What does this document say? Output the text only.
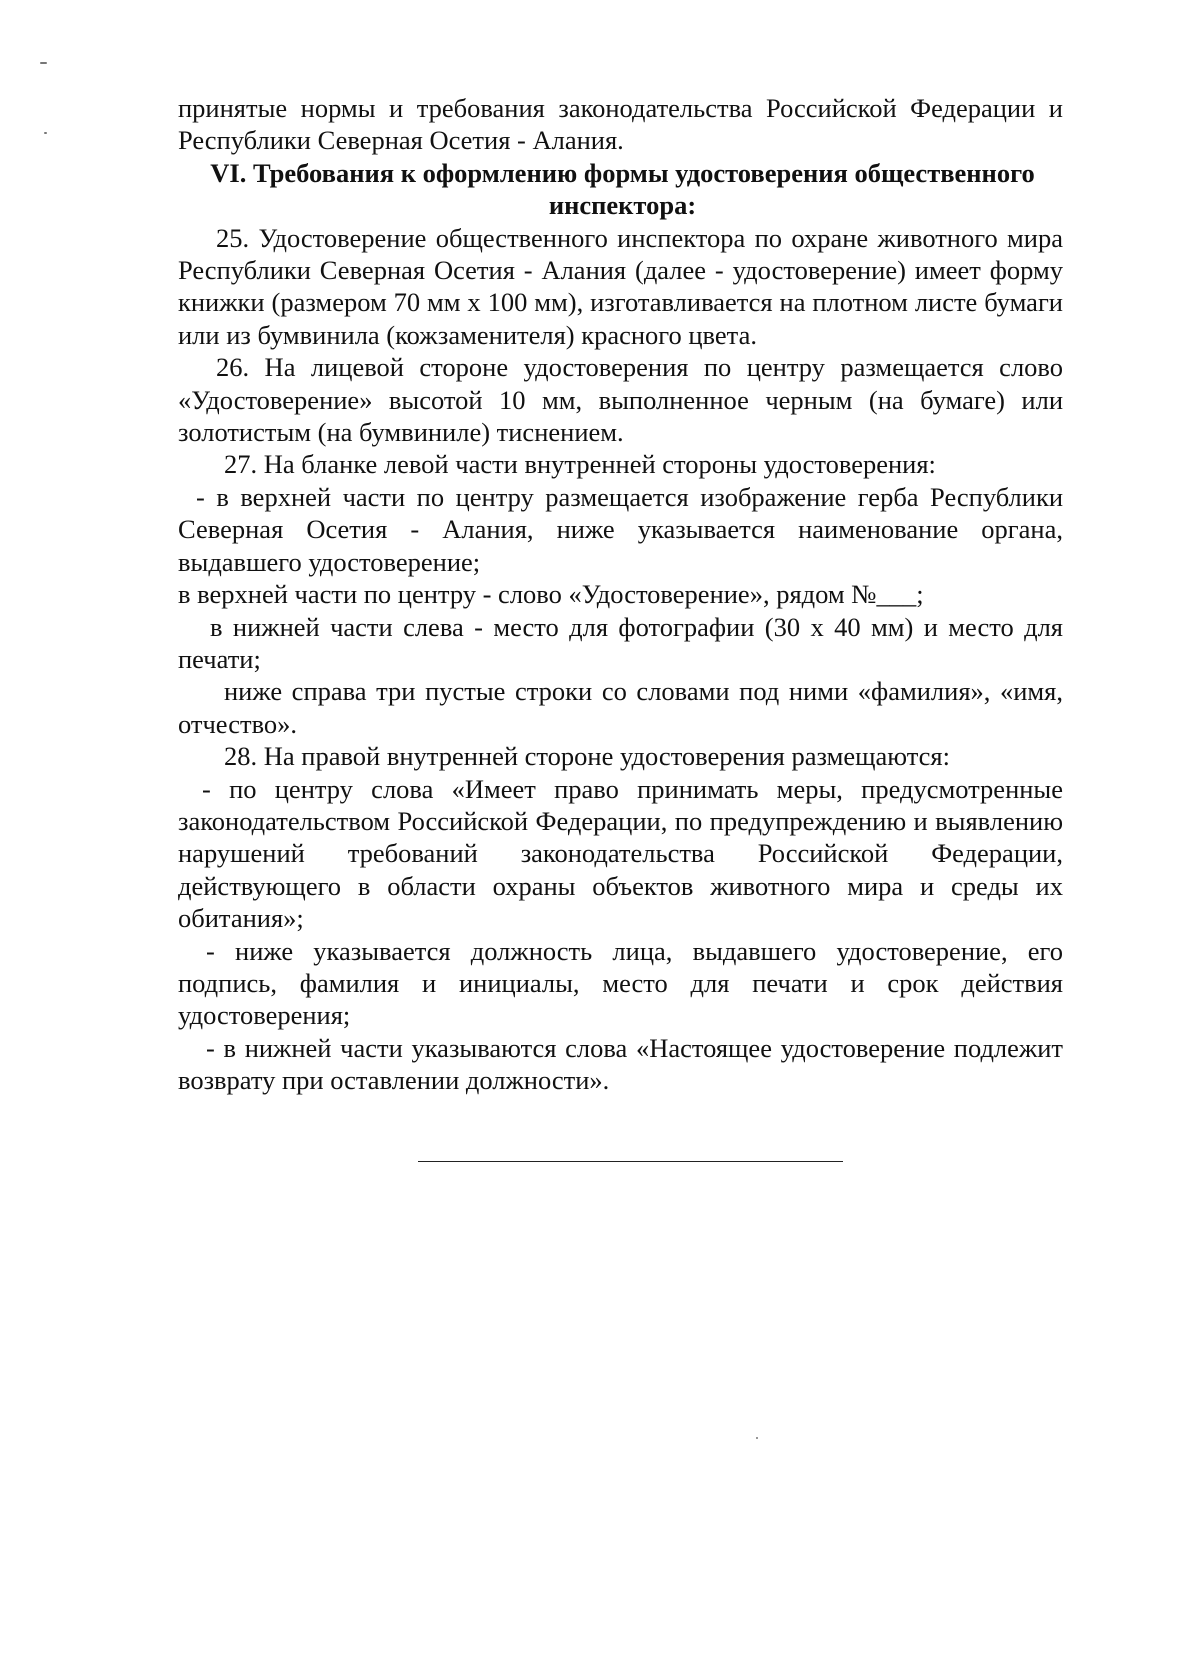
принятые нормы и требования законодательства Российской Федерации и Республики Северная Осетия - Алания.

VI. Требования к оформлению формы удостоверения общественного инспектора:

25. Удостоверение общественного инспектора по охране животного мира Республики Северная Осетия - Алания (далее - удостоверение) имеет форму книжки (размером 70 мм х 100 мм), изготавливается на плотном листе бумаги или из бумвинила (кожзаменителя) красного цвета.

26. На лицевой стороне удостоверения по центру размещается слово «Удостоверение» высотой 10 мм, выполненное черным (на бумаге) или золотистым (на бумвиниле) тиснением.

27. На бланке левой части внутренней стороны удостоверения:

- в верхней части по центру размещается изображение герба Республики Северная Осетия - Алания, ниже указывается наименование органа, выдавшего удостоверение;

в верхней части по центру - слово «Удостоверение», рядом №___;

в нижней части слева - место для фотографии (30 х 40 мм) и место для печати;

ниже справа три пустые строки со словами под ними «фамилия», «имя, отчество».

28. На правой внутренней стороне удостоверения размещаются:

- по центру слова «Имеет право принимать меры, предусмотренные законодательством Российской Федерации, по предупреждению и выявлению нарушений требований законодательства Российской Федерации, действующего в области охраны объектов животного мира и среды их обитания»;

- ниже указывается должность лица, выдавшего удостоверение, его подпись, фамилия и инициалы, место для печати и срок действия удостоверения;

- в нижней части указываются слова «Настоящее удостоверение подлежит возврату при оставлении должности».
